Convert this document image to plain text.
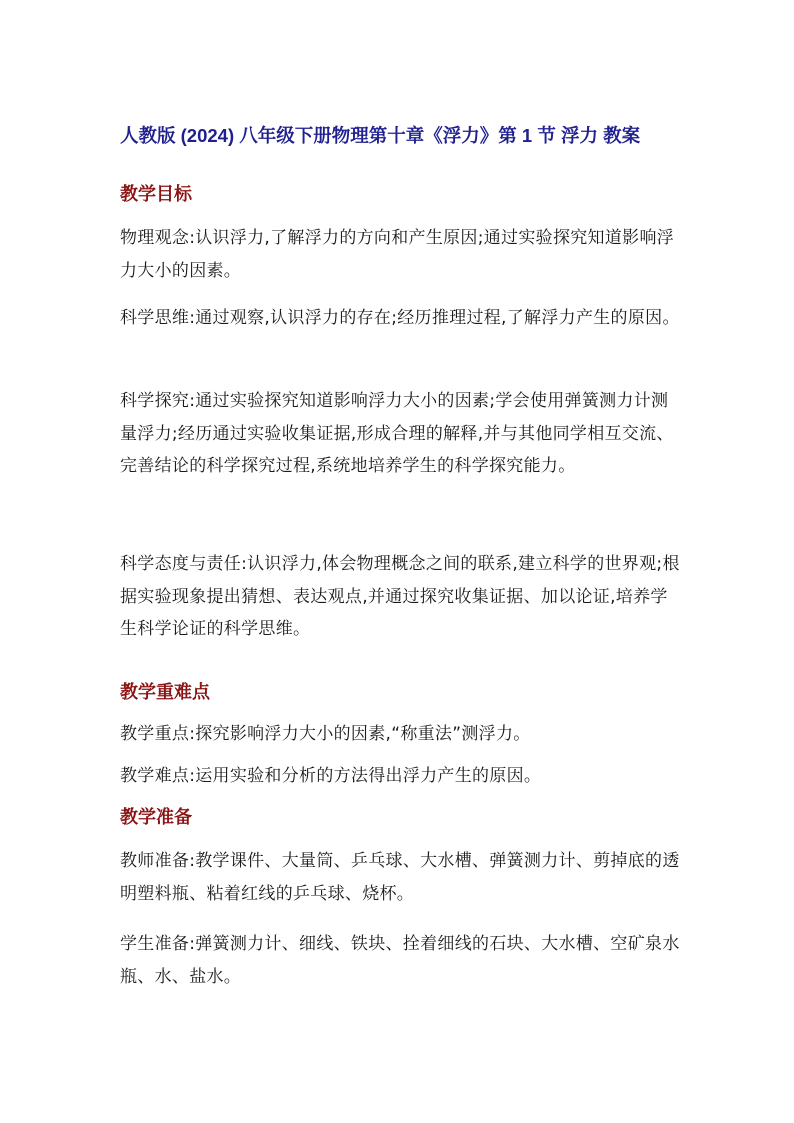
人教版 (2024) 八年级下册物理第十章《浮力》第 1 节 浮力 教案
教学目标
物理观念:认识浮力,了解浮力的方向和产生原因;通过实验探究知道影响浮力大小的因素。
科学思维:通过观察,认识浮力的存在;经历推理过程,了解浮力产生的原因。
科学探究:通过实验探究知道影响浮力大小的因素;学会使用弹簧测力计测量浮力;经历通过实验收集证据,形成合理的解释,并与其他同学相互交流、完善结论的科学探究过程,系统地培养学生的科学探究能力。
科学态度与责任:认识浮力,体会物理概念之间的联系,建立科学的世界观;根据实验现象提出猜想、表达观点,并通过探究收集证据、加以论证,培养学生科学论证的科学思维。
教学重难点
教学重点:探究影响浮力大小的因素,“称重法”测浮力。
教学难点:运用实验和分析的方法得出浮力产生的原因。
教学准备
教师准备:教学课件、大量筒、乒乓球、大水槽、弹簧测力计、剪掉底的透明塑料瓶、粘着红线的乒乓球、烧杯。
学生准备:弹簧测力计、细线、铁块、拴着细线的石块、大水槽、空矿泉水瓶、水、盐水。
